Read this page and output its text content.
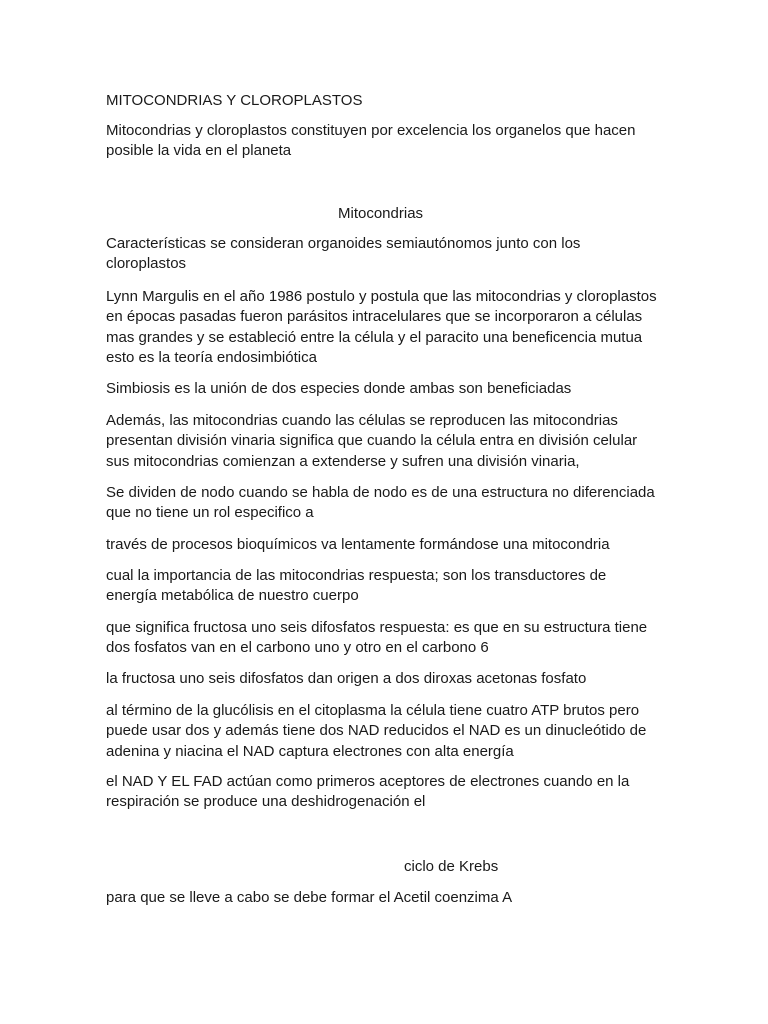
MITOCONDRIAS Y CLOROPLASTOS

Mitocondrias y cloroplastos constituyen por excelencia los organelos que hacen
posible la vida en el planeta

Mitocondrias

Características se consideran organoides semiautónomos junto con los
cloroplastos

Lynn Margulis en el año 1986 postulo y postula que las mitocondrias y cloroplastos
en épocas pasadas fueron parásitos intracelulares que se incorporaron a células
mas grandes y se estableció entre la célula y el paracito una beneficencia mutua
esto es la teoría endosimbiótica

Simbiosis es la unión de dos especies donde ambas son beneficiadas

Además, las mitocondrias cuando las células se reproducen las mitocondrias
presentan división vinaria significa que cuando la célula entra en división celular
sus mitocondrias comienzan a extenderse y sufren una división vinaria,

Se dividen de nodo cuando se habla de nodo es de una estructura no diferenciada
que no tiene un rol especifico a

través de procesos bioquímicos va lentamente formándose una mitocondria

cual la importancia de las mitocondrias respuesta; son los transductores de
energía metabólica de nuestro cuerpo

que significa fructosa uno seis difosfatos respuesta: es que en su estructura tiene
dos fosfatos van en el carbono uno y otro en el carbono 6

la fructosa uno seis difosfatos dan origen a dos diroxas acetonas fosfato

al término de la glucólisis en el citoplasma la célula tiene cuatro ATP brutos pero
puede usar dos y además tiene dos NAD reducidos el NAD es un dinucleótido de
adenina y niacina el NAD captura electrones con alta energía

el NAD Y EL FAD actúan como primeros aceptores de electrones cuando en la
respiración se produce una deshidrogenación el

ciclo de Krebs

para que se lleve a cabo se debe formar el Acetil coenzima A
